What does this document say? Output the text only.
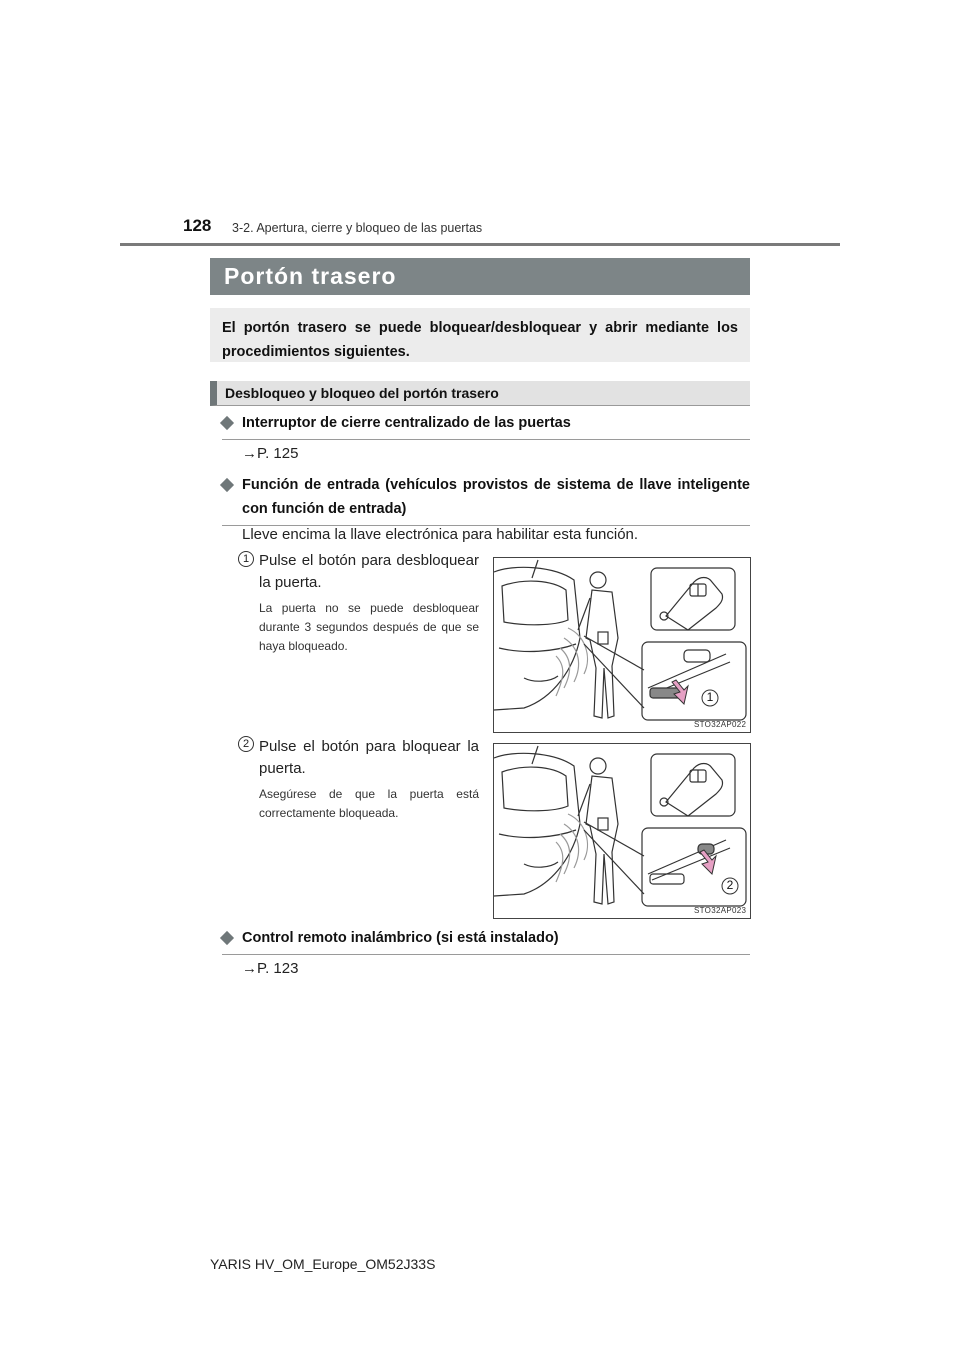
128 3-2. Apertura, cierre y bloqueo de las puertas
Portón trasero
El portón trasero se puede bloquear/desbloquear y abrir mediante los procedimientos siguientes.
Desbloqueo y bloqueo del portón trasero
Interruptor de cierre centralizado de las puertas
→P. 125
Función de entrada (vehículos provistos de sistema de llave inteligente con función de entrada)
Lleve encima la llave electrónica para habilitar esta función.
1 Pulse el botón para desbloquear la puerta.
La puerta no se puede desbloquear durante 3 segundos después de que se haya bloqueado.
1
STO32AP022
2 Pulse el botón para bloquear la puerta.
Asegúrese de que la puerta está correctamente bloqueada.
2
STO32AP023
Control remoto inalámbrico (si está instalado)
→P. 123
YARIS HV_OM_Europe_OM52J33S
